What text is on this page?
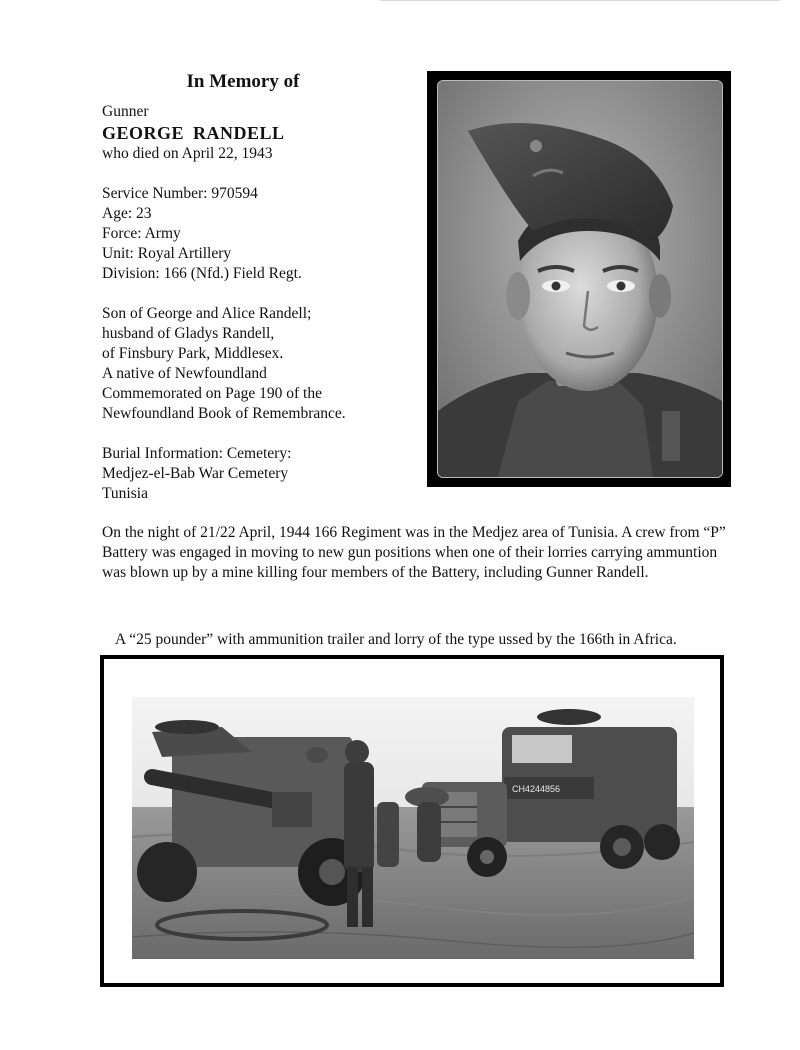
In Memory of
Gunner
GEORGE RANDELL
who died on April 22, 1943
Service Number: 970594
Age: 23
Force: Army
Unit: Royal Artillery
Division: 166 (Nfd.) Field Regt.
Son of George and Alice Randell;
husband of Gladys Randell,
of Finsbury Park, Middlesex.
A native of Newfoundland
Commemorated on Page 190 of the
Newfoundland Book of Remembrance.
Burial Information: Cemetery:
Medjez-el-Bab War Cemetery
Tunisia
On the night of 21/22 April, 1944 166 Regiment was in the Medjez area of Tunisia. A crew from “P” Battery was engaged in moving to new gun positions when one of their lorries carrying ammuntion was blown up by a mine killing four members of the Battery, including Gunner Randell.
A “25 pounder” with ammunition trailer and lorry of the type ussed by the 166th in Africa.
CH4244856
